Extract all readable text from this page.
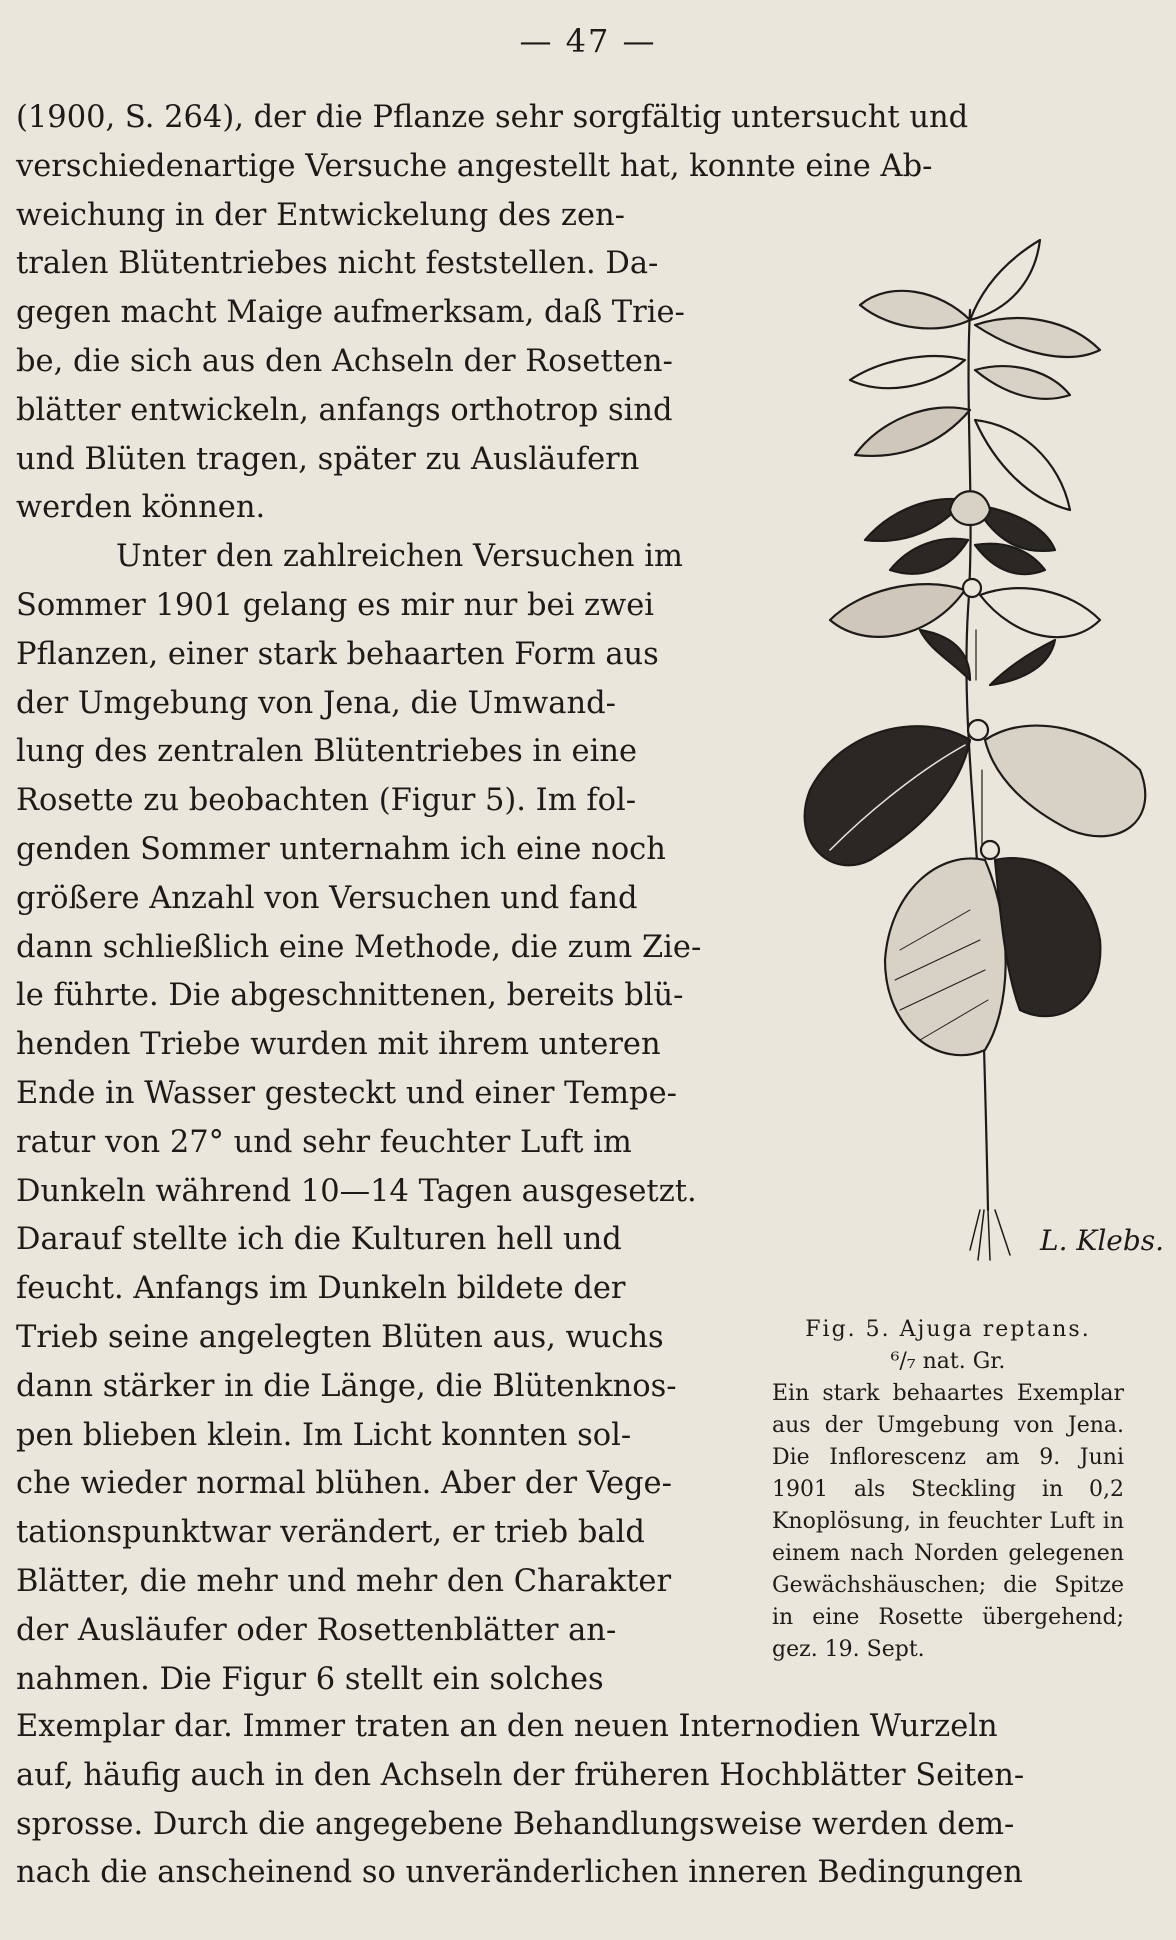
— 47 —
(1900, S. 264), der die Pflanze sehr sorgfältig untersucht und
verschiedenartige Versuche angestellt hat, konnte eine Ab-
weichung in der Entwickelung des zen-
tralen Blütentriebes nicht feststellen. Da-
gegen macht Maige aufmerksam, daß Trie-
be, die sich aus den Achseln der Rosetten-
blätter entwickeln, anfangs orthotrop sind
und Blüten tragen, später zu Ausläufern
werden können.
Unter den zahlreichen Versuchen im
Sommer 1901 gelang es mir nur bei zwei
Pflanzen, einer stark behaarten Form aus
der Umgebung von Jena, die Umwand-
lung des zentralen Blütentriebes in eine
Rosette zu beobachten (Figur 5). Im fol-
genden Sommer unternahm ich eine noch
größere Anzahl von Versuchen und fand
dann schließlich eine Methode, die zum Zie-
le führte. Die abgeschnittenen, bereits blü-
henden Triebe wurden mit ihrem unteren
Ende in Wasser gesteckt und einer Tempe-
ratur von 27° und sehr feuchter Luft im
Dunkeln während 10—14 Tagen ausgesetzt.
Darauf stellte ich die Kulturen hell und
feucht. Anfangs im Dunkeln bildete der
Trieb seine angelegten Blüten aus, wuchs
dann stärker in die Länge, die Blütenknos-
pen blieben klein. Im Licht konnten sol-
che wieder normal blühen. Aber der Vege-
tationspunktwar verändert, er trieb bald
Blätter, die mehr und mehr den Charakter
der Ausläufer oder Rosettenblätter an-
nahmen. Die Figur 6 stellt ein solches
L. Klebs.
Fig. 5. Ajuga reptans.
⁶/₇ nat. Gr.
Ein stark behaartes Exemplar aus der Umgebung von Jena. Die Inflorescenz am 9. Juni 1901 als Steckling in 0,2 Knoplösung, in feuchter Luft in einem nach Norden gelegenen Gewächshäuschen; die Spitze in eine Rosette übergehend; gez. 19. Sept.
Exemplar dar. Immer traten an den neuen Internodien Wurzeln
auf, häufig auch in den Achseln der früheren Hochblätter Seiten-
sprosse. Durch die angegebene Behandlungsweise werden dem-
nach die anscheinend so unveränderlichen inneren Bedingungen
